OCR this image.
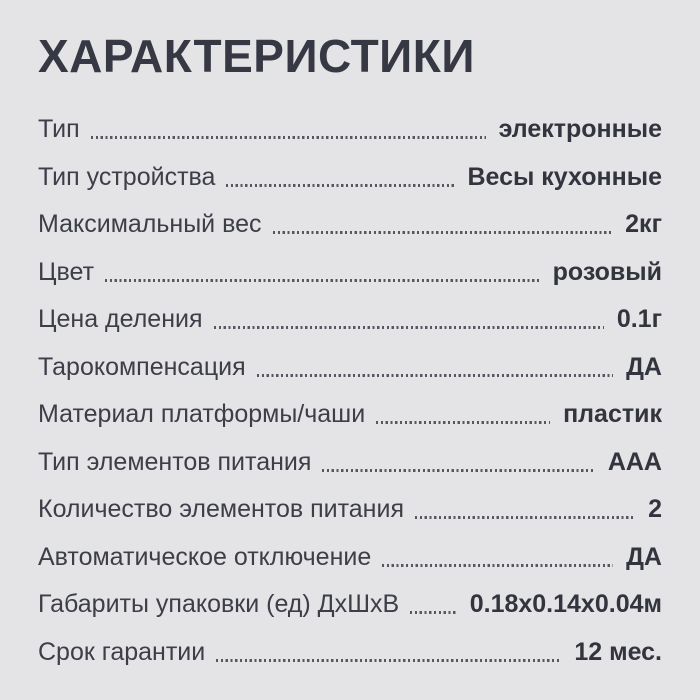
ХАРАКТЕРИСТИКИ
Тип	электронные
Тип устройства	Весы кухонные
Максимальный вес	2кг
Цвет	розовый
Цена деления	0.1г
Тарокомпенсация	ДА
Материал платформы/чаши	пластик
Тип элементов питания	AAA
Количество элементов питания	2
Автоматическое отключение	ДА
Габариты упаковки (ед) ДхШхВ	0.18х0.14х0.04м
Срок гарантии	12 мес.
